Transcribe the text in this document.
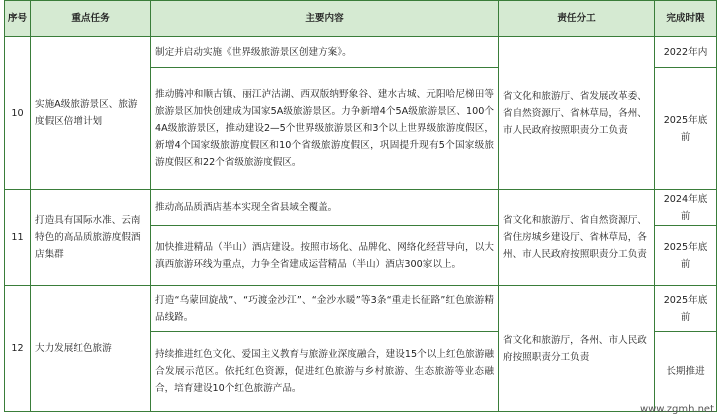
序号	重点任务	主要内容	责任分工	完成时限
10	实施A级旅游景区、旅游度假区倍增计划	制定并启动实施《世界级旅游景区创建方案》。	省文化和旅游厅、省发展改革委、省自然资源厅、省林草局，各州、市人民政府按照职责分工负责	2022年内
		推动腾冲和顺古镇、丽江泸沽湖、西双版纳野象谷、建水古城、元阳哈尼梯田等旅游景区加快创建成为国家5A级旅游景区。力争新增4个5A级旅游景区、100个4A级旅游景区，推动建设2—5个世界级旅游景区和3个以上世界级旅游度假区，新增4个国家级旅游度假区和10个省级旅游度假区，巩固提升现有5个国家级旅游度假区和22个省级旅游度假区。		2025年底前
11	打造具有国际水准、云南特色的高品质旅游度假酒店集群	推动高品质酒店基本实现全省县域全覆盖。	省文化和旅游厅、省自然资源厅、省住房城乡建设厅、省林草局，各州、市人民政府按照职责分工负责	2024年底前
		加快推进精品（半山）酒店建设。按照市场化、品牌化、网络化经营导向，以大滇西旅游环线为重点，力争全省建成运营精品（半山）酒店300家以上。		2025年底前
12	大力发展红色旅游	打造“乌蒙回旋战”、“巧渡金沙江”、“金沙水暖”等3条“重走长征路”红色旅游精品线路。	省文化和旅游厅，各州、市人民政府按照职责分工负责	2025年底前
		持续推进红色文化、爱国主义教育与旅游业深度融合，建设15个以上红色旅游融合发展示范区。依托红色资源，促进红色旅游与乡村旅游、生态旅游等业态融合，培育建设10个红色旅游产品。		长期推进
www.zgmh.net
